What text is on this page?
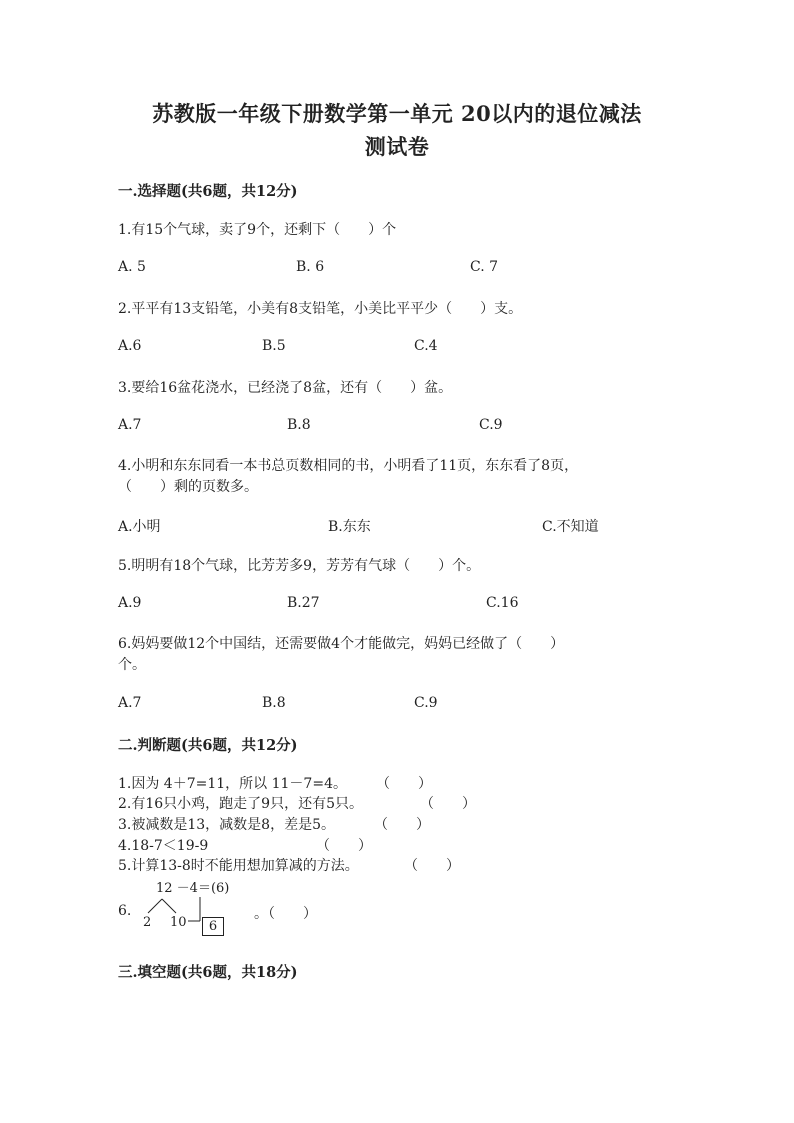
苏教版一年级下册数学第一单元 20以内的退位减法
测试卷
一.选择题(共6题，共12分)
1.有15个气球，卖了9个，还剩下（　　）个
A. 5	B. 6	C. 7
2.平平有13支铅笔，小美有8支铅笔，小美比平平少（　　）支。
A.6	B.5	C.4
3.要给16盆花浇水，已经浇了8盆，还有（　　）盆。
A.7	B.8	C.9
4.小明和东东同看一本书总页数相同的书，小明看了11页，东东看了8页，
（　　）剩的页数多。
A.小明	B.东东	C.不知道
5.明明有18个气球，比芳芳多9，芳芳有气球（　　）个。
A.9	B.27	C.16
6.妈妈要做12个中国结，还需要做4个才能做完，妈妈已经做了（　　）
个。
A.7	B.8	C.9
二.判断题(共6题，共12分)
1.因为 4＋7=11，所以 11－7=4。 （　　）
2.有16只小鸡，跑走了9只，还有5只。	（　　）
3.被减数是13，减数是8，差是5。	（　　）
4.18-7＜19-9	（　　）
5.计算13-8时不能用想加算减的方法。	（　　）
12 －4＝(6)
6.
2 10	6
。（　　）
三.填空题(共6题，共18分)
